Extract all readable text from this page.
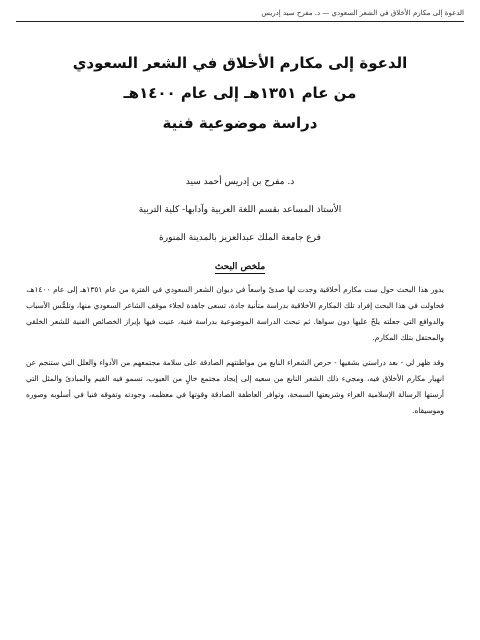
الدعوة إلى مكارم الأخلاق في الشعر السعودي — د. مفرح سيد إدريس
الدعوة إلى مكارم الأخلاق في الشعر السعودي
من عام ١٣٥١هـ إلى عام ١٤٠٠هـ
دراسة موضوعية فنية
د. مفرح بن إدريس أحمد سيد
الأستاذ المساعد بقسم اللغة العربية وآدابها- كلية التربية
فرع جامعة الملك عبدالعزيز بالمدينة المنورة
ملخص البحث

يدور هذا البحث حول ست مكارم أخلاقية وجدت لها صدىً واسعاً في ديوان الشعر السعودي في الفترة من عام ١٣٥١هـ إلى عام ١٤٠٠هـ، فحاولت في هذا البحث إفراد تلك المكارم الأخلاقية بدراسة متأنية جادة، تسعى جاهدة لجلاء موقف الشاعر السعودي منها، وتلمُّس الأسباب والدوافع التي جعلته يلحّ عليها دون سواها. ثم تبحث الدراسة الموضوعية بدراسة فنية، عنيت فيها بإبراز الخصائص الفنية للشعر الخلقي والمحتفل بتلك المكارم.

وقد ظهر لي - بعد دراستي بشقيها - حرص الشعراء النابع من مواطنتهم الصادقة على سلامة مجتمعهم من الأدواء والعلل التي ستنجم عن انهيار مكارم الأخلاق فيه، ومجيء ذلك الشعر النابع من سعيه إلى إيجاد مجتمع خالٍ من العيوب، تسمو فيه القيم والمبادئ والمثل التي أرستها الرسالة الإسلامية الغراء وشريعتها السمحة، وتوافر العاطفة الصادقة وقوتها في معظمه، وجودته وتفوقه فنيا في أسلوبه وصوره وموسيقاه.
